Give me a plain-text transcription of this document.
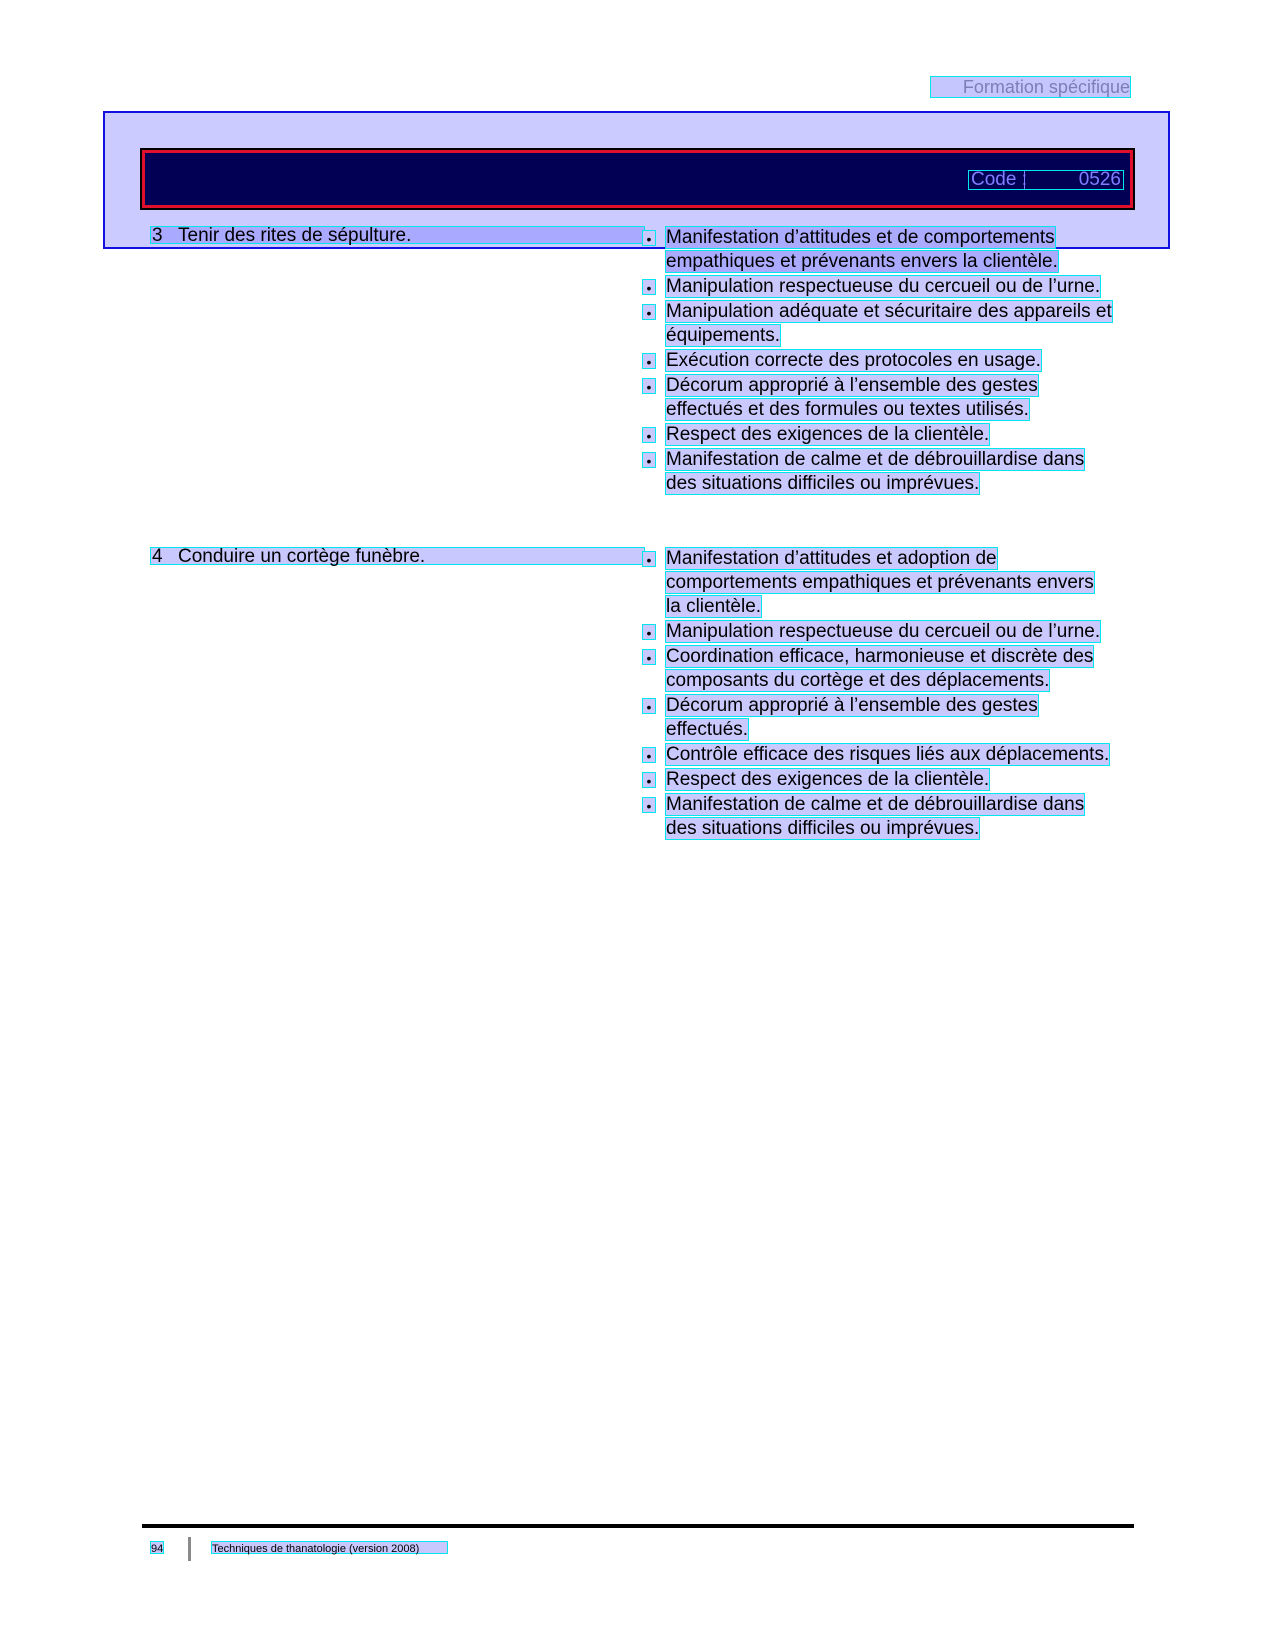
Formation spécifique
Code :	0526
3 Tenir des rites de sépulture.	• Manifestation d’attitudes et de comportements empathiques et prévenants envers la clientèle.
• Manipulation respectueuse du cercueil ou de l’urne.
• Manipulation adéquate et sécuritaire des appareils et équipements.
• Exécution correcte des protocoles en usage.
• Décorum approprié à l’ensemble des gestes effectués et des formules ou textes utilisés.
• Respect des exigences de la clientèle.
• Manifestation de calme et de débrouillardise dans des situations difficiles ou imprévues.
4 Conduire un cortège funèbre.	• Manifestation d’attitudes et adoption de comportements empathiques et prévenants envers la clientèle.
• Manipulation respectueuse du cercueil ou de l’urne.
• Coordination efficace, harmonieuse et discrète des composants du cortège et des déplacements.
• Décorum approprié à l’ensemble des gestes effectués.
• Contrôle efficace des risques liés aux déplacements.
• Respect des exigences de la clientèle.
• Manifestation de calme et de débrouillardise dans des situations difficiles ou imprévues.
94	Techniques de thanatologie (version 2008)
